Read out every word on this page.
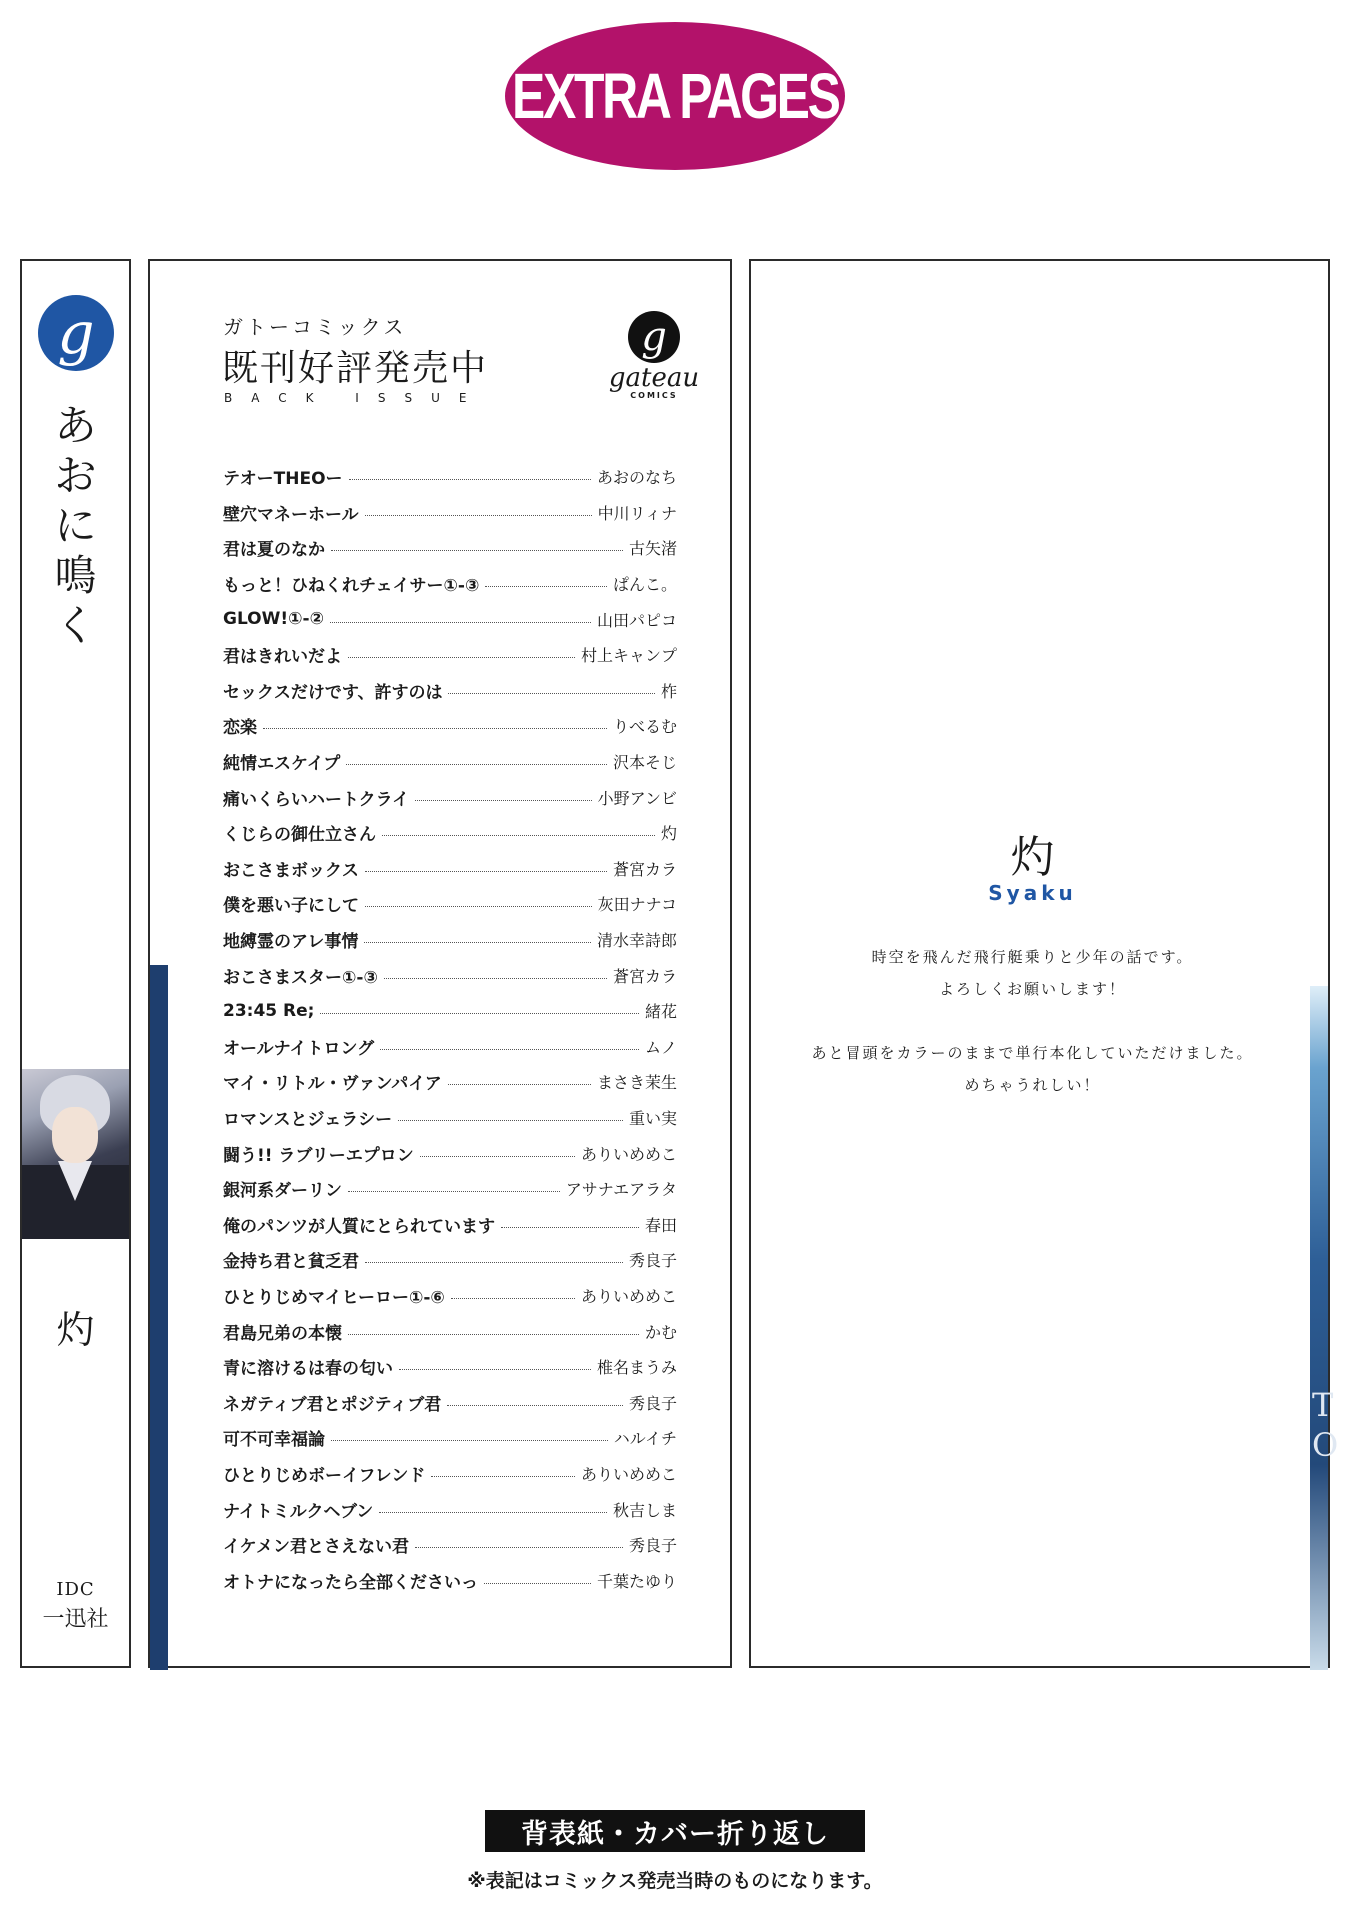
EXTRA PAGES
g
あ
お
に
鳴
く
灼
IDC
一迅社
ガトーコミックス
既刊好評発売中
BACK ISSUE
g
gateau
COMICS
テオーTHEOー	あおのなち
壁穴マネーホール	中川リィナ
君は夏のなか	古矢渚
もっと！ひねくれチェイサー①-③	ぱんこ。
GLOW!①-②	山田パピコ
君はきれいだよ	村上キャンプ
セックスだけです、許すのは	柞
恋楽	りべるむ
純情エスケイプ	沢本そじ
痛いくらいハートクライ	小野アンビ
くじらの御仕立さん	灼
おこさまボックス	蒼宮カラ
僕を悪い子にして	灰田ナナコ
地縛霊のアレ事情	清水幸詩郎
おこさまスター①-③	蒼宮カラ
23:45 Re;	緒花
オールナイトロング	ムノ
マイ・リトル・ヴァンパイア	まさき茉生
ロマンスとジェラシー	重い実
闘う!! ラブリーエプロン	ありいめめこ
銀河系ダーリン	アサナエアラタ
俺のパンツが人質にとられています	春田
金持ち君と貧乏君	秀良子
ひとりじめマイヒーロー①-⑥	ありいめめこ
君島兄弟の本懐	かむ
青に溶けるは春の匂い	椎名まうみ
ネガティブ君とポジティブ君	秀良子
可不可幸福論	ハルイチ
ひとりじめボーイフレンド	ありいめめこ
ナイトミルクヘブン	秋吉しま
イケメン君とさえない君	秀良子
オトナになったら全部くださいっ	千葉たゆり
T
O
灼
Syaku

時空を飛んだ飛行艇乗りと少年の話です。

よろしくお願いします！

あと冒頭をカラーのままで単行本化していただけました。

めちゃうれしい！

背表紙・カバー折り返し
※表記はコミックス発売当時のものになります。
